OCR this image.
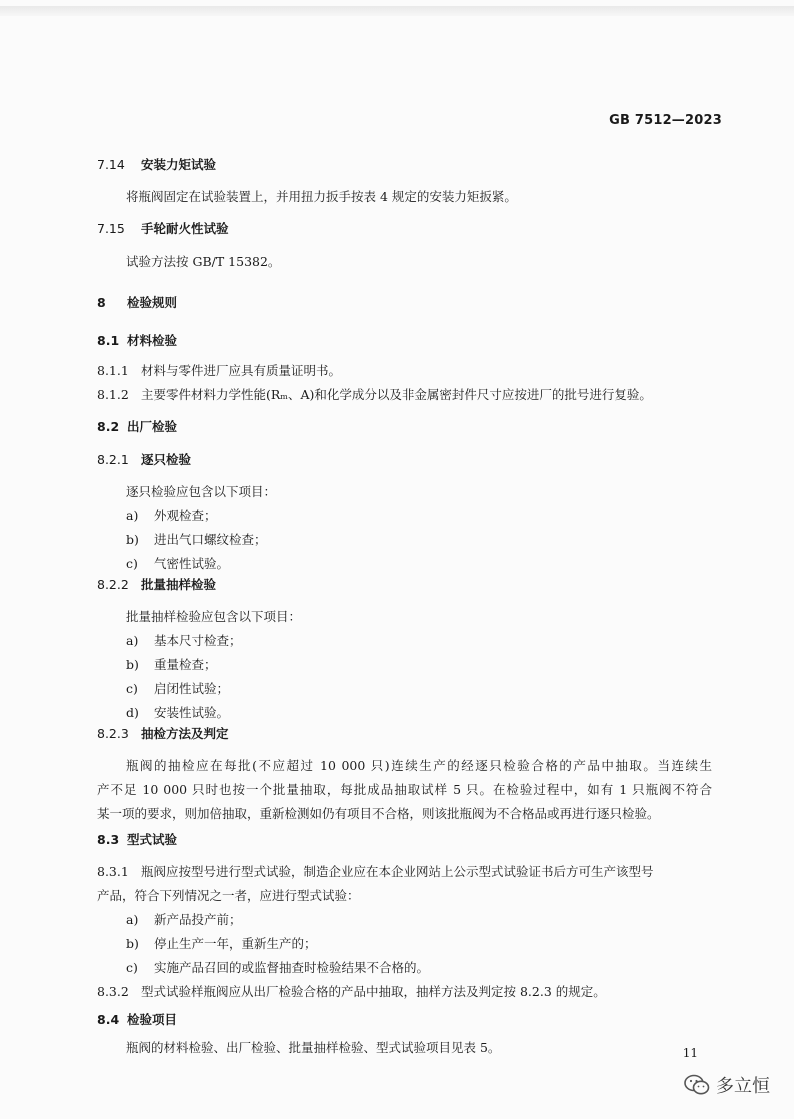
GB 7512—2023
7.14 安装力矩试验
将瓶阀固定在试验装置上，并用扭力扳手按表 4 规定的安装力矩扳紧。
7.15 手轮耐火性试验
试验方法按 GB/T 15382。
8 检验规则
8.1 材料检验
8.1.1 材料与零件进厂应具有质量证明书。
8.1.2 主要零件材料力学性能(Rₘ、A)和化学成分以及非金属密封件尺寸应按进厂的批号进行复验。
8.2 出厂检验
8.2.1 逐只检验
逐只检验应包含以下项目：
a) 外观检查；
b) 进出气口螺纹检查；
c) 气密性试验。
8.2.2 批量抽样检验
批量抽样检验应包含以下项目：
a) 基本尺寸检查；
b) 重量检查；
c) 启闭性试验；
d) 安装性试验。
8.2.3 抽检方法及判定
瓶阀的抽检应在每批(不应超过 10 000 只)连续生产的经逐只检验合格的产品中抽取。当连续生
产不足 10 000 只时也按一个批量抽取，每批成品抽取试样 5 只。在检验过程中，如有 1 只瓶阀不符合
某一项的要求，则加倍抽取，重新检测如仍有项目不合格，则该批瓶阀为不合格品或再进行逐只检验。
8.3 型式试验
8.3.1 瓶阀应按型号进行型式试验，制造企业应在本企业网站上公示型式试验证书后方可生产该型号
产品，符合下列情况之一者，应进行型式试验：
a) 新产品投产前；
b) 停止生产一年，重新生产的；
c) 实施产品召回的或监督抽查时检验结果不合格的。
8.3.2 型式试验样瓶阀应从出厂检验合格的产品中抽取，抽样方法及判定按 8.2.3 的规定。
8.4 检验项目
瓶阀的材料检验、出厂检验、批量抽样检验、型式试验项目见表 5。	11
多立恒
